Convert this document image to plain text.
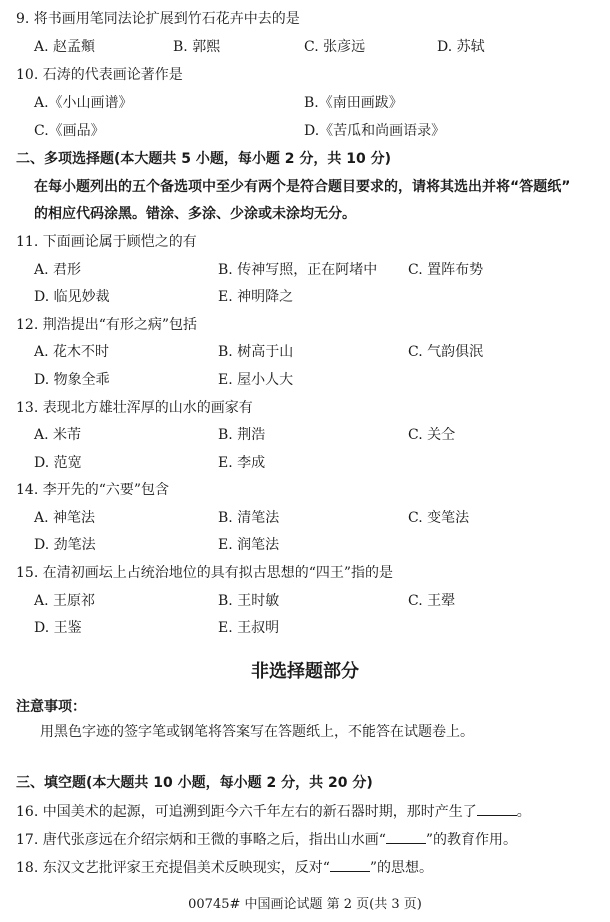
9. 将书画用笔同法论扩展到竹石花卉中去的是
A. 赵孟頫	B. 郭熙	C. 张彦远	D. 苏轼
10. 石涛的代表画论著作是
A.《小山画谱》	B.《南田画跋》
C.《画品》	D.《苦瓜和尚画语录》
二、多项选择题(本大题共 5 小题，每小题 2 分，共 10 分)
在每小题列出的五个备选项中至少有两个是符合题目要求的，请将其选出并将“答题纸”
的相应代码涂黑。错涂、多涂、少涂或未涂均无分。
11. 下面画论属于顾恺之的有
A. 君形	B. 传神写照，正在阿堵中 C. 置阵布势
D. 临见妙裁	E. 神明降之
12. 荆浩提出“有形之病”包括
A. 花木不时	B. 树高于山	C. 气韵俱泯
D. 物象全乖	E. 屋小人大
13. 表现北方雄壮浑厚的山水的画家有
A. 米芾	B. 荆浩	C. 关仝
D. 范宽	E. 李成
14. 李开先的“六要”包含
A. 神笔法	B. 清笔法	C. 变笔法
D. 劲笔法	E. 润笔法
15. 在清初画坛上占统治地位的具有拟古思想的“四王”指的是
A. 王原祁	B. 王时敏	C. 王翚
D. 王鉴	E. 王叔明
非选择题部分
注意事项：
用黑色字迹的签字笔或钢笔将答案写在答题纸上，不能答在试题卷上。
三、填空题(本大题共 10 小题，每小题 2 分，共 20 分)
16. 中国美术的起源，可追溯到距今六千年左右的新石器时期，那时产生了	。
17. 唐代张彦远在介绍宗炳和王微的事略之后，指出山水画“	”的教育作用。
18. 东汉文艺批评家王充提倡美术反映现实，反对“	”的思想。
00745# 中国画论试题 第 2 页(共 3 页)
